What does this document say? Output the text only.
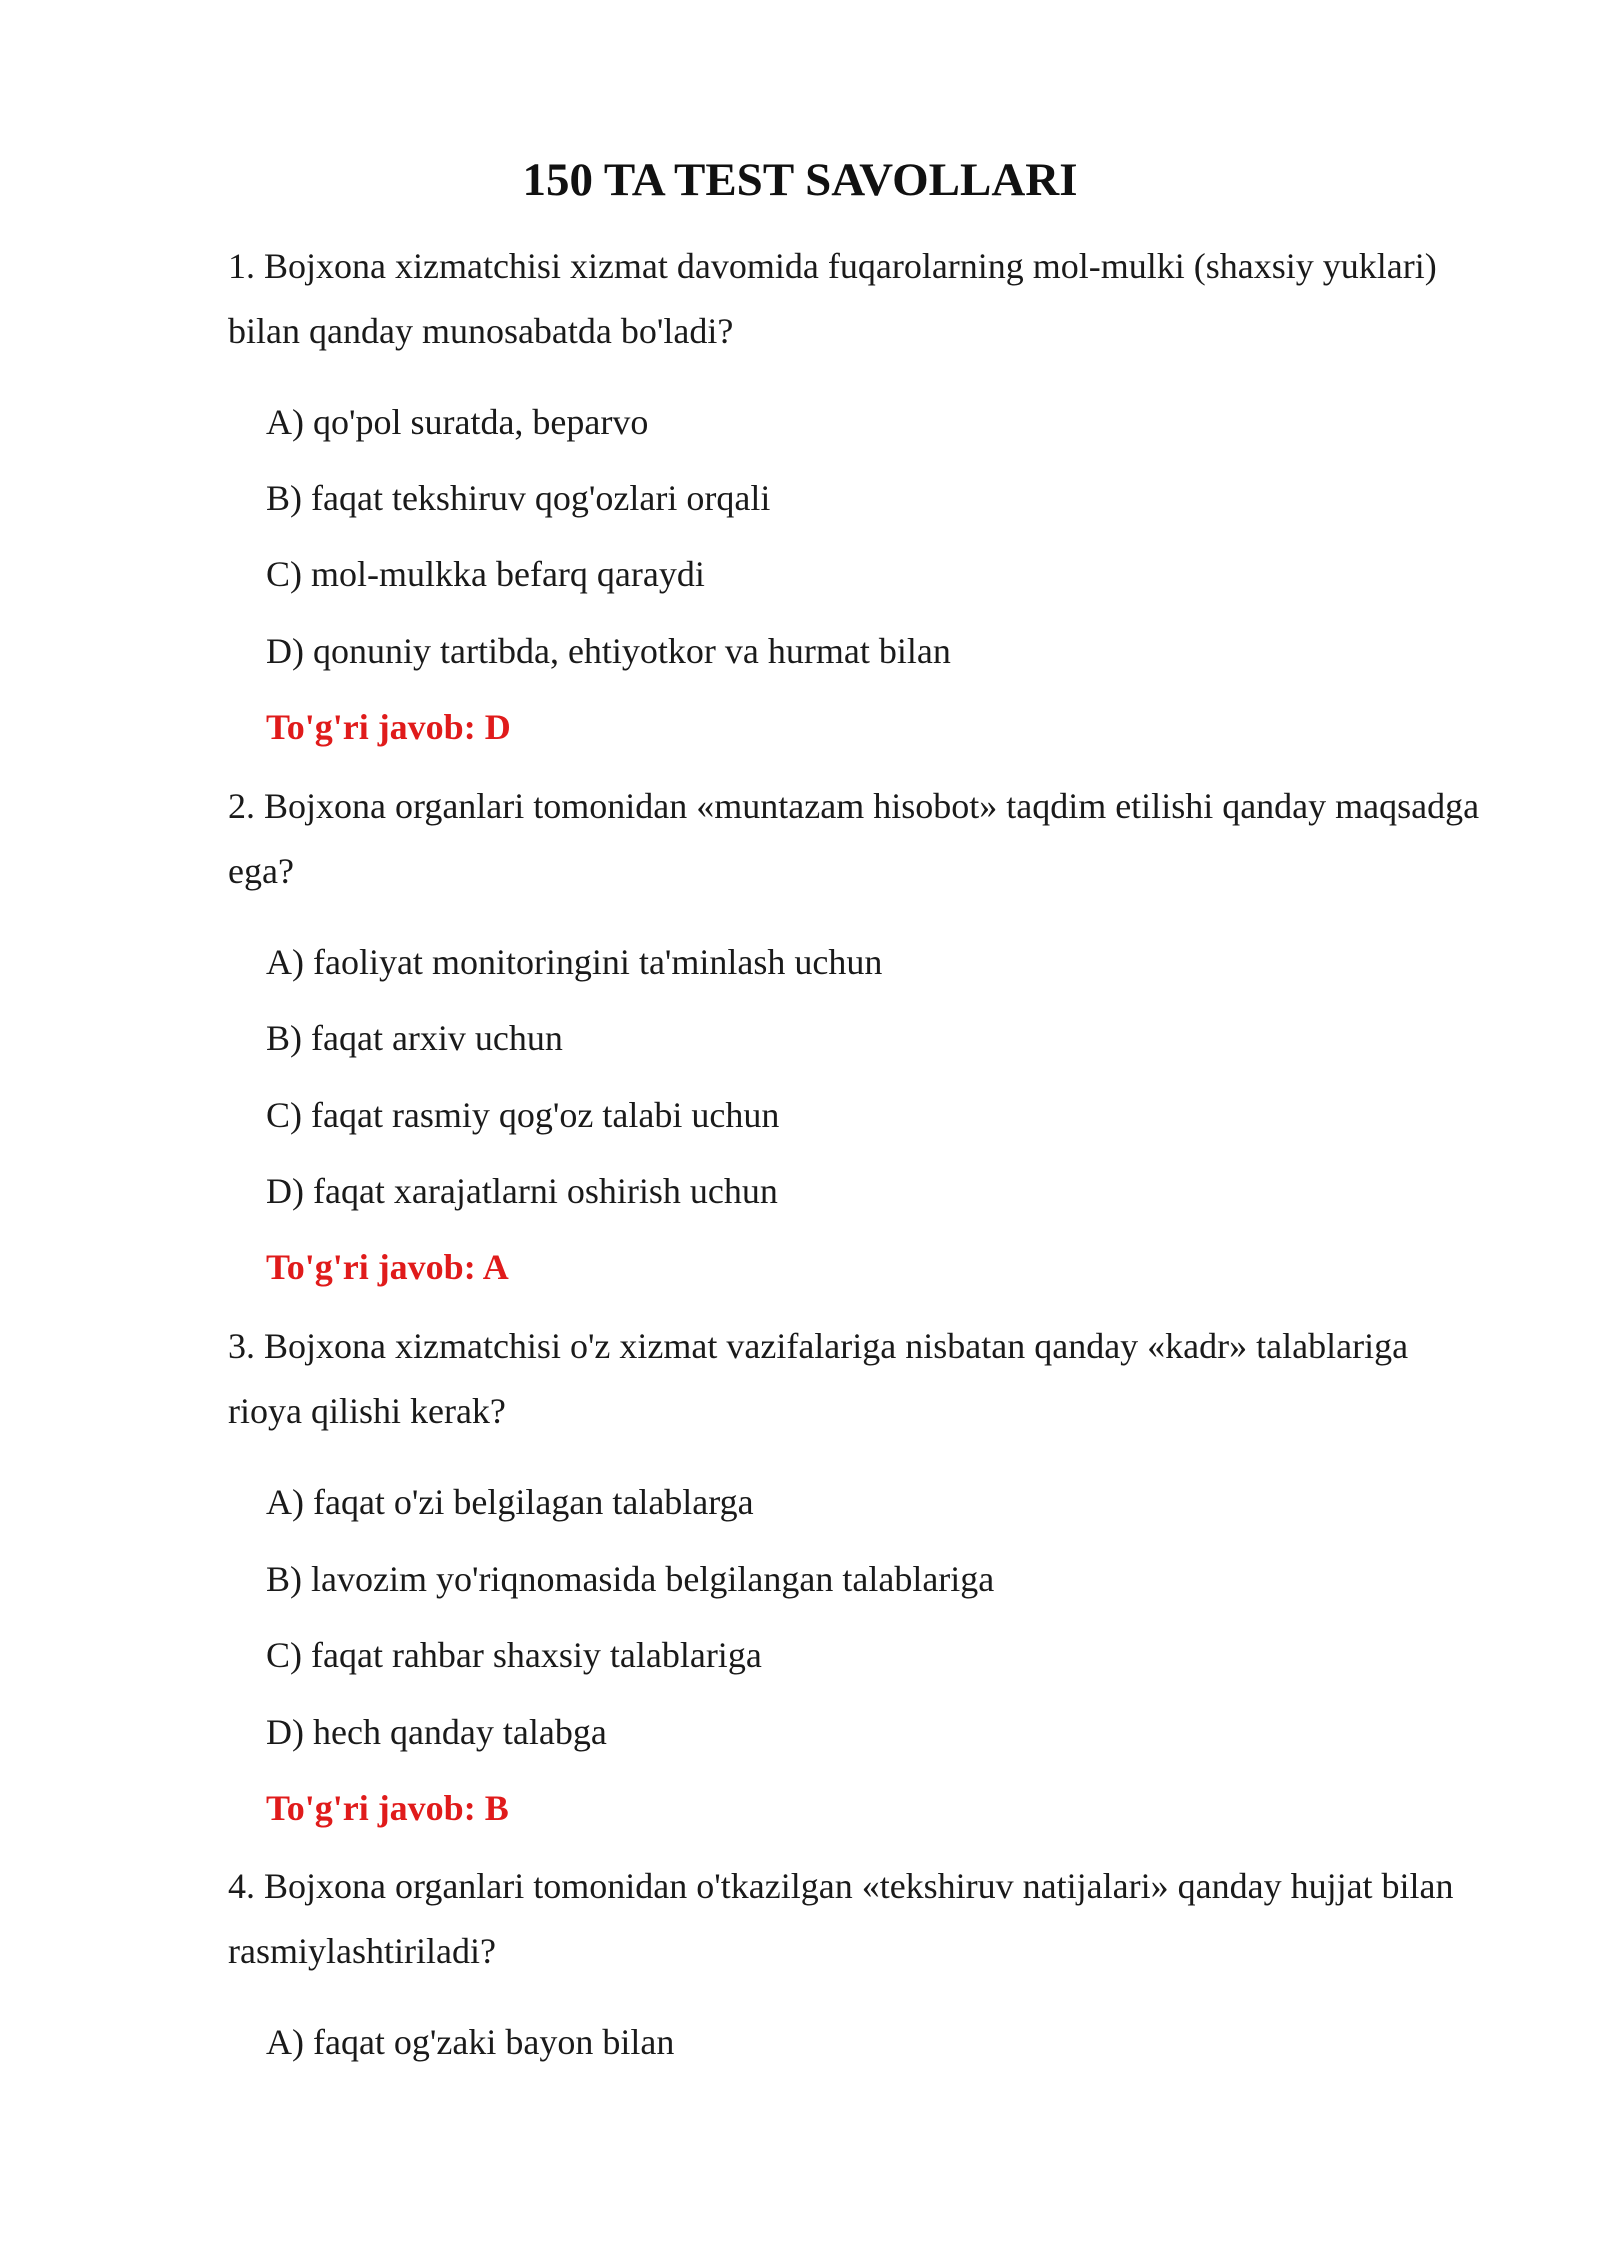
150 TA TEST SAVOLLARI
1. Bojxona xizmatchisi xizmat davomida fuqarolarning mol-mulki (shaxsiy yuklari) bilan qanday munosabatda bo'ladi?
A) qo'pol suratda, beparvo
B) faqat tekshiruv qog'ozlari orqali
C) mol-mulkka befarq qaraydi
D) qonuniy tartibda, ehtiyotkor va hurmat bilan
To'g'ri javob: D
2. Bojxona organlari tomonidan «muntazam hisobot» taqdim etilishi qanday maqsadga ega?
A) faoliyat monitoringini ta'minlash uchun
B) faqat arxiv uchun
C) faqat rasmiy qog'oz talabi uchun
D) faqat xarajatlarni oshirish uchun
To'g'ri javob: A
3. Bojxona xizmatchisi o'z xizmat vazifalariga nisbatan qanday «kadr» talablariga rioya qilishi kerak?
A) faqat o'zi belgilagan talablarga
B) lavozim yo'riqnomasida belgilangan talablariga
C) faqat rahbar shaxsiy talablariga
D) hech qanday talabga
To'g'ri javob: B
4. Bojxona organlari tomonidan o'tkazilgan «tekshiruv natijalari» qanday hujjat bilan rasmiylashtiriladi?
A) faqat og'zaki bayon bilan
